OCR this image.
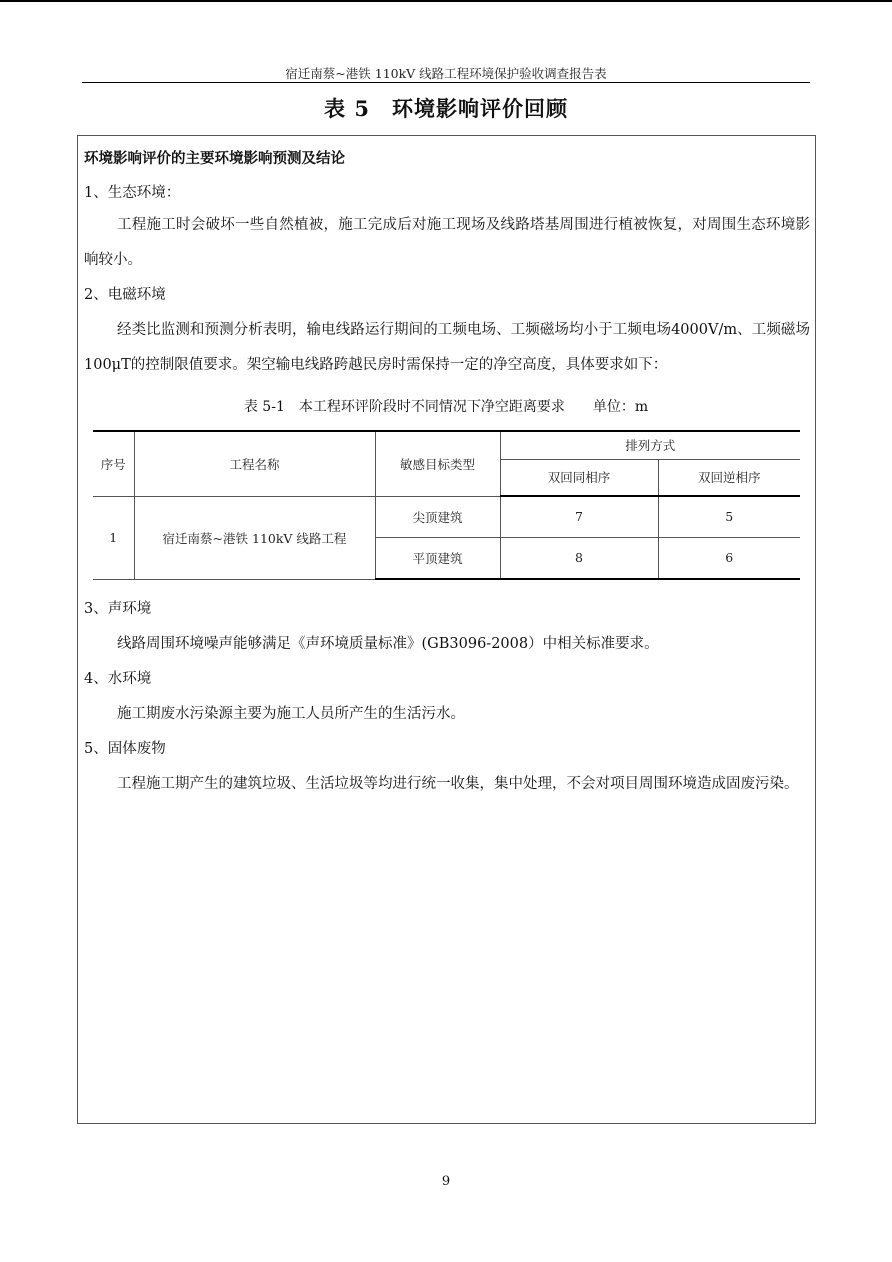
宿迁南蔡~港铁 110kV 线路工程环境保护验收调查报告表
表 5　环境影响评价回顾
环境影响评价的主要环境影响预测及结论
1、生态环境：
工程施工时会破坏一些自然植被，施工完成后对施工现场及线路塔基周围进行植被恢复，对周围生态环境影响较小。
2、电磁环境
经类比监测和预测分析表明，输电线路运行期间的工频电场、工频磁场均小于工频电场4000V/m、工频磁场100μT的控制限值要求。架空输电线路跨越民房时需保持一定的净空高度，具体要求如下：
表 5-1　本工程环评阶段时不同情况下净空距离要求　　单位：m
序号	工程名称	敏感目标类型	排列方式	
			双回同相序	双回逆相序
1	宿迁南蔡~港铁 110kV 线路工程	尖顶建筑	7	5
		平顶建筑	8	6
3、声环境
线路周围环境噪声能够满足《声环境质量标准》(GB3096-2008）中相关标准要求。
4、水环境
施工期废水污染源主要为施工人员所产生的生活污水。
5、固体废物
工程施工期产生的建筑垃圾、生活垃圾等均进行统一收集，集中处理，不会对项目周围环境造成固废污染。
9
